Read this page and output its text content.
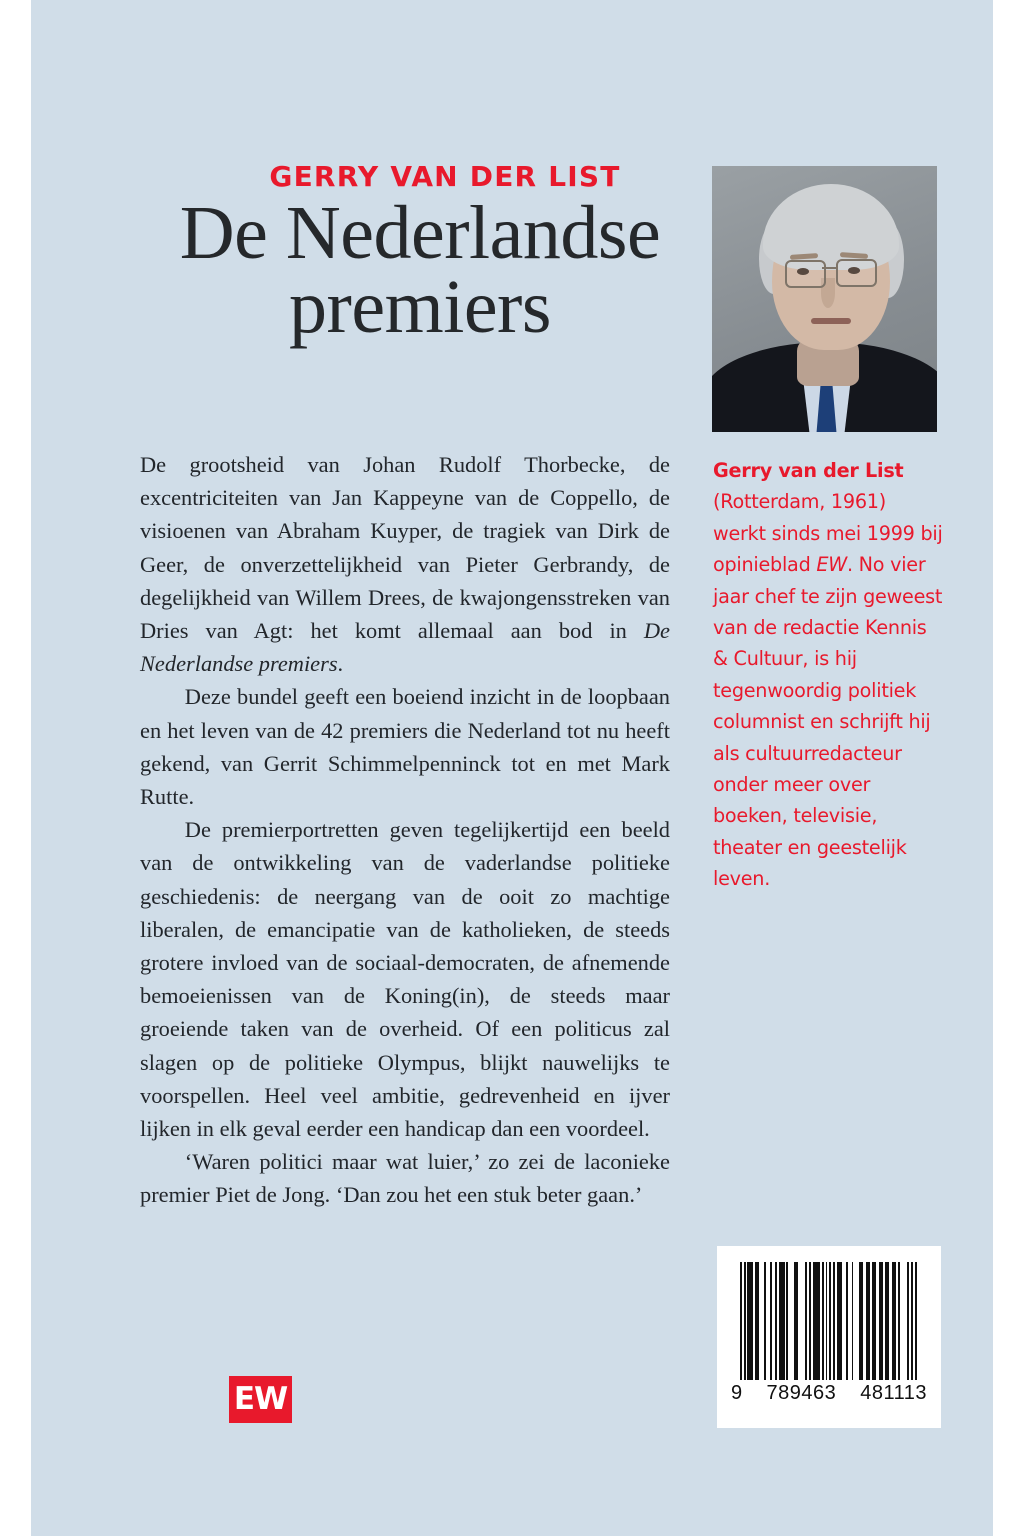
GERRY VAN DER LIST
De Nederlandse
premiers

De grootsheid van Johan Rudolf Thorbecke, de excentriciteiten van Jan Kappeyne van de Coppello, de visioenen van Abraham Kuyper, de tragiek van Dirk de Geer, de onverzettelijkheid van Pieter Gerbrandy, de degelijkheid van Willem Drees, de kwajongensstreken van Dries van Agt: het komt allemaal aan bod in De Nederlandse premiers.

Deze bundel geeft een boeiend inzicht in de loopbaan en het leven van de 42 premiers die Nederland tot nu heeft gekend, van Gerrit Schimmelpenninck tot en met Mark Rutte.

De premierportretten geven tegelijkertijd een beeld van de ontwikkeling van de vaderlandse politieke geschiedenis: de neergang van de ooit zo machtige liberalen, de emancipatie van de katholieken, de steeds grotere invloed van de sociaal-democraten, de afnemende bemoeienissen van de Koning(in), de steeds maar groeiende taken van de overheid. Of een politicus zal slagen op de politieke Olympus, blijkt nauwelijks te voorspellen. Heel veel ambitie, gedrevenheid en ijver lijken in elk geval eerder een handicap dan een voordeel.

‘Waren politici maar wat luier,’ zo zei de laconieke premier Piet de Jong. ‘Dan zou het een stuk beter gaan.’

Gerry van der List
(Rotterdam, 1961) werkt sinds mei 1999 bij opinieblad EW. No vier jaar chef te zijn geweest van de redactie Kennis & Cultuur, is hij tegenwoordig politiek columnist en schrijft hij als cultuurredacteur onder meer over boeken, televisie, theater en geestelijk leven.
EW	9 789463 481113
